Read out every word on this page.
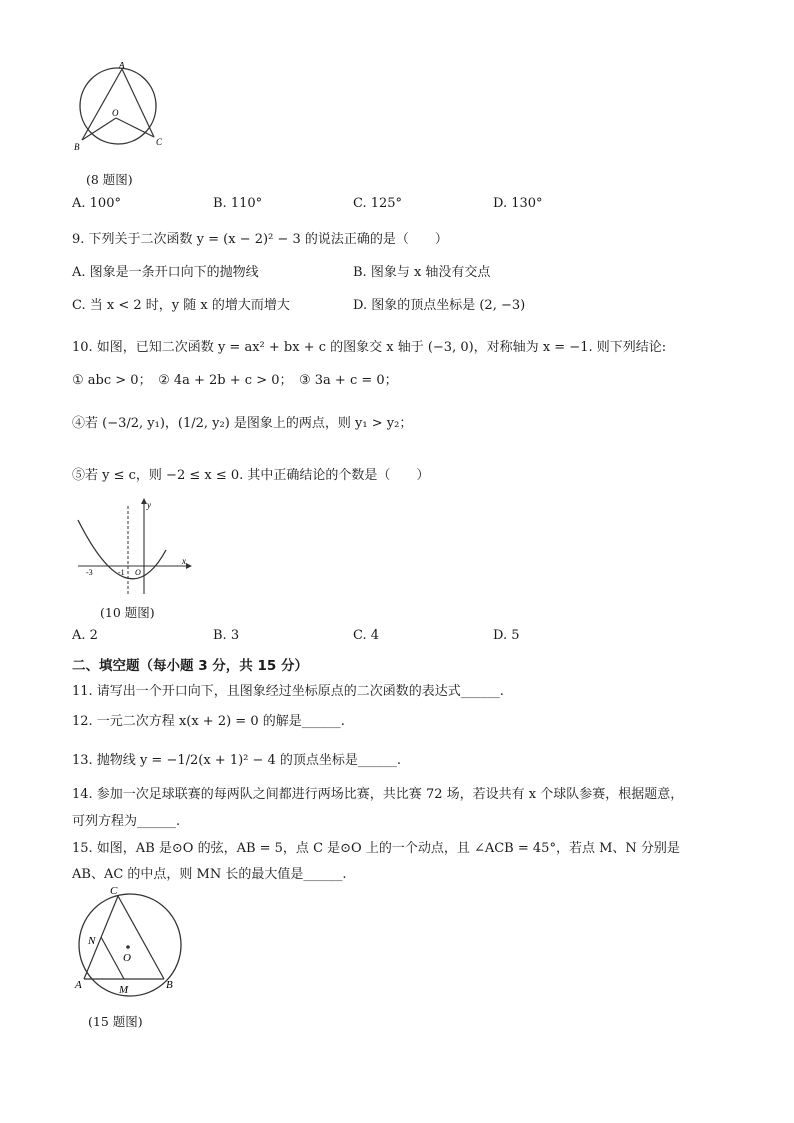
A
O
B	C
(8 题图)
A. 100°	B. 110°	C. 125°	D. 130°
9. 下列关于二次函数 y = (x − 2)² − 3 的说法正确的是（　　）
A. 图象是一条开口向下的抛物线	B. 图象与 x 轴没有交点
C. 当 x < 2 时，y 随 x 的增大而增大	D. 图象的顶点坐标是 (2, −3)
10. 如图，已知二次函数 y = ax² + bx + c 的图象交 x 轴于 (−3, 0)，对称轴为 x = −1. 则下列结论:
① abc > 0；　② 4a + 2b + c > 0；　③ 3a + c = 0；
④若 (−3/2, y₁)，(1/2, y₂) 是图象上的两点，则 y₁ > y₂；
⑤若 y ≤ c，则 −2 ≤ x ≤ 0. 其中正确结论的个数是（　　）
y
x
-3	-1 O
(10 题图)
A. 2	B. 3	C. 4	D. 5
二、填空题（每小题 3 分，共 15 分）
11. 请写出一个开口向下，且图象经过坐标原点的二次函数的表达式______.
12. 一元二次方程 x(x + 2) = 0 的解是______.
13. 抛物线 y = −1/2(x + 1)² − 4 的顶点坐标是______.
14. 参加一次足球联赛的每两队之间都进行两场比赛，共比赛 72 场，若设共有 x 个球队参赛，根据题意，
可列方程为______.
15. 如图，AB 是⊙O 的弦，AB = 5，点 C 是⊙O 上的一个动点，且 ∠ACB = 45°，若点 M、N 分别是
AB、AC 的中点，则 MN 长的最大值是______.
C
N
O
A	M	B
(15 题图)
